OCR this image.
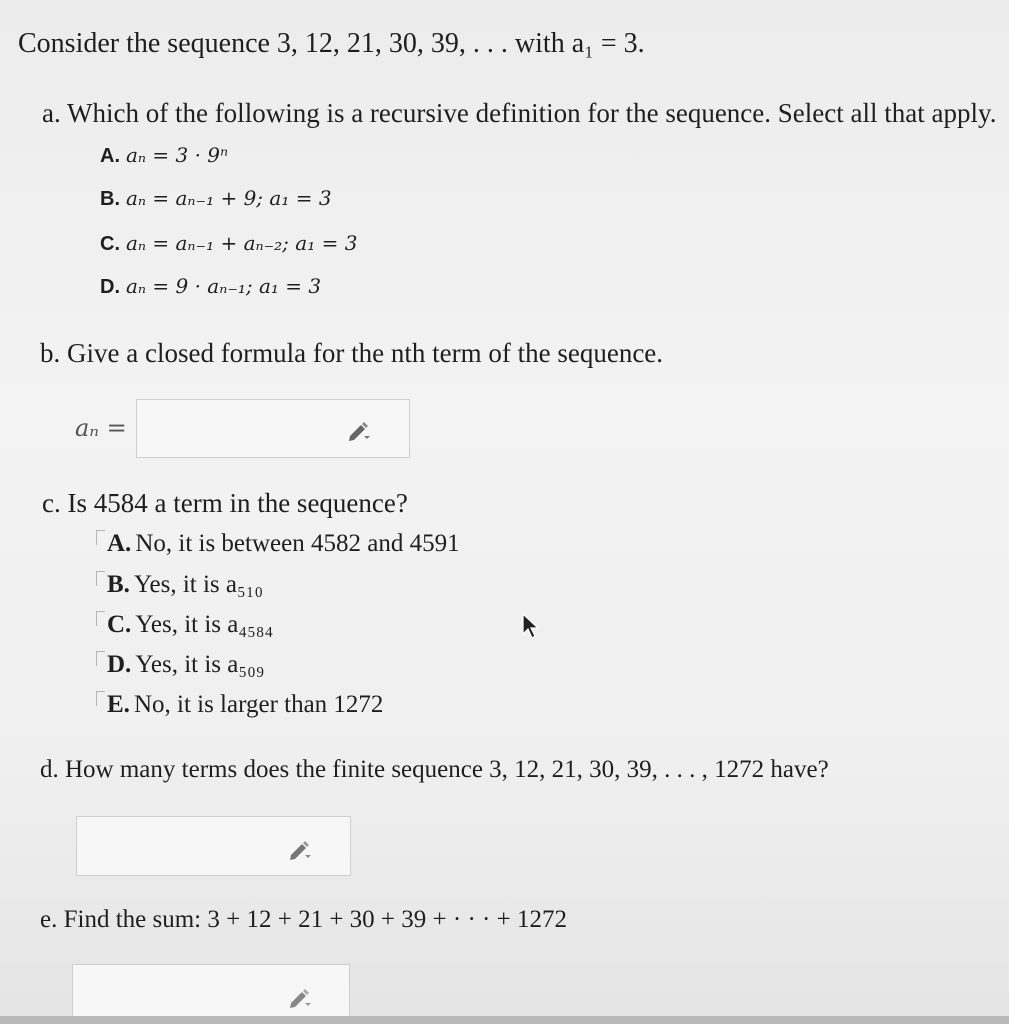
Consider the sequence 3, 12, 21, 30, 39, . . . with a₁ = 3.
a. Which of the following is a recursive definition for the sequence. Select all that apply.
A. aₙ = 3 · 9ⁿ
B. aₙ = aₙ₋₁ + 9; a₁ = 3
C. aₙ = aₙ₋₁ + aₙ₋₂; a₁ = 3
D. aₙ = 9 · aₙ₋₁; a₁ = 3
b. Give a closed formula for the nth term of the sequence.
aₙ =
c. Is 4584 a term in the sequence?
A. No, it is between 4582 and 4591
B. Yes, it is a₅₁₀
C. Yes, it is a₄₅₈₄
D. Yes, it is a₅₀₉
E. No, it is larger than 1272
d. How many terms does the finite sequence 3, 12, 21, 30, 39, . . . , 1272 have?
e. Find the sum: 3 + 12 + 21 + 30 + 39 + · · · + 1272
